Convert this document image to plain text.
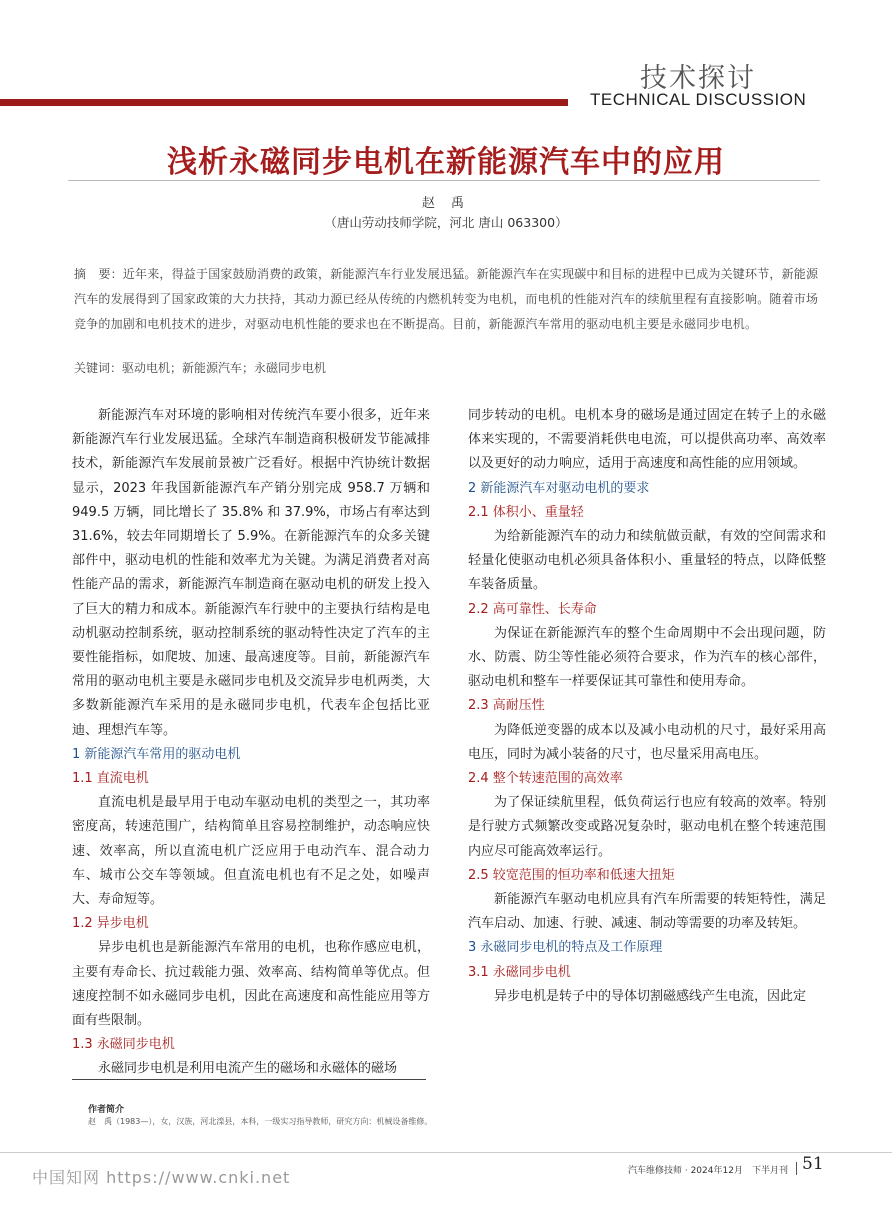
技术探讨
TECHNICAL DISCUSSION
浅析永磁同步电机在新能源汽车中的应用
赵 禹
（唐山劳动技师学院，河北 唐山 063300）
摘　要：近年来，得益于国家鼓励消费的政策，新能源汽车行业发展迅猛。新能源汽车在实现碳中和目标的进程中已成为关键环节，新能源汽车的发展得到了国家政策的大力扶持，其动力源已经从传统的内燃机转变为电机，而电机的性能对汽车的续航里程有直接影响。随着市场竞争的加剧和电机技术的进步，对驱动电机性能的要求也在不断提高。目前，新能源汽车常用的驱动电机主要是永磁同步电机。
关键词：驱动电机；新能源汽车；永磁同步电机

新能源汽车对环境的影响相对传统汽车要小很多，近年来新能源汽车行业发展迅猛。全球汽车制造商积极研发节能减排技术，新能源汽车发展前景被广泛看好。根据中汽协统计数据显示，2023 年我国新能源汽车产销分别完成 958.7 万辆和 949.5 万辆，同比增长了 35.8% 和 37.9%，市场占有率达到 31.6%，较去年同期增长了 5.9%。在新能源汽车的众多关键部件中，驱动电机的性能和效率尤为关键。为满足消费者对高性能产品的需求，新能源汽车制造商在驱动电机的研发上投入了巨大的精力和成本。新能源汽车行驶中的主要执行结构是电动机驱动控制系统，驱动控制系统的驱动特性决定了汽车的主要性能指标，如爬坡、加速、最高速度等。目前，新能源汽车常用的驱动电机主要是永磁同步电机及交流异步电机两类，大多数新能源汽车采用的是永磁同步电机，代表车企包括比亚迪、理想汽车等。

1 新能源汽车常用的驱动电机
1.1 直流电机

直流电机是最早用于电动车驱动电机的类型之一，其功率密度高，转速范围广，结构简单且容易控制维护，动态响应快速、效率高，所以直流电机广泛应用于电动汽车、混合动力车、城市公交车等领域。但直流电机也有不足之处，如噪声大、寿命短等。

1.2 异步电机

异步电机也是新能源汽车常用的电机，也称作感应电机，主要有寿命长、抗过载能力强、效率高、结构简单等优点。但速度控制不如永磁同步电机，因此在高速度和高性能应用等方面有些限制。

1.3 永磁同步电机

永磁同步电机是利用电流产生的磁场和永磁体的磁场

同步转动的电机。电机本身的磁场是通过固定在转子上的永磁体来实现的，不需要消耗供电电流，可以提供高功率、高效率以及更好的动力响应，适用于高速度和高性能的应用领域。

2 新能源汽车对驱动电机的要求
2.1 体积小、重量轻

为给新能源汽车的动力和续航做贡献，有效的空间需求和轻量化使驱动电机必须具备体积小、重量轻的特点，以降低整车装备质量。

2.2 高可靠性、长寿命

为保证在新能源汽车的整个生命周期中不会出现问题，防水、防震、防尘等性能必须符合要求，作为汽车的核心部件，驱动电机和整车一样要保证其可靠性和使用寿命。

2.3 高耐压性

为降低逆变器的成本以及减小电动机的尺寸，最好采用高电压，同时为减小装备的尺寸，也尽量采用高电压。

2.4 整个转速范围的高效率

为了保证续航里程，低负荷运行也应有较高的效率。特别是行驶方式频繁改变或路况复杂时，驱动电机在整个转速范围内应尽可能高效率运行。

2.5 较宽范围的恒功率和低速大扭矩

新能源汽车驱动电机应具有汽车所需要的转矩特性，满足汽车启动、加速、行驶、减速、制动等需要的功率及转矩。

3 永磁同步电机的特点及工作原理
3.1 永磁同步电机

异步电机是转子中的导体切割磁感线产生电流，因此定

作者简介
赵　禹（1983—），女，汉族，河北滦县，本科，一级实习指导教师，研究方向：机械设备维修。
中国知网 https://www.cnki.net	汽车维修技师 · 2024年12月　下半月刊 51
